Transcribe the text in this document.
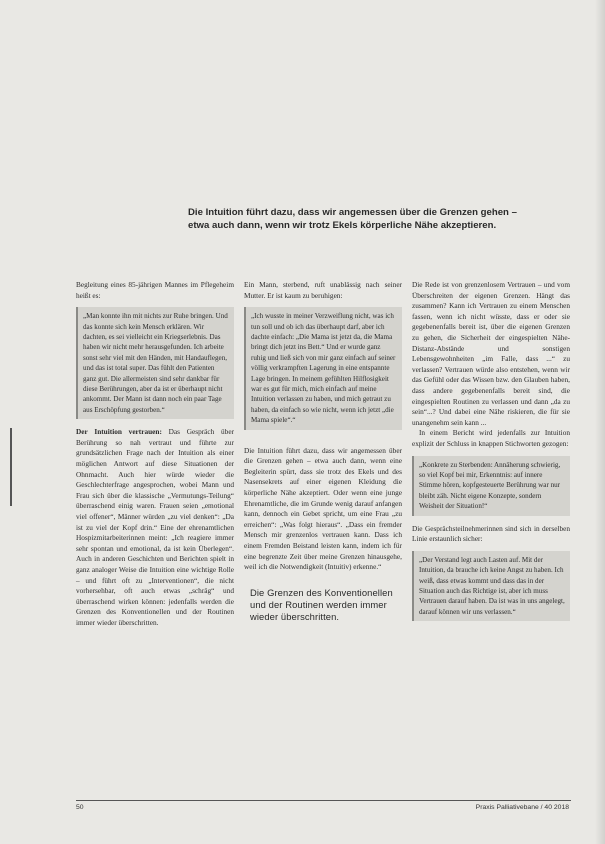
Die Intuition führt dazu, dass wir angemessen über die Grenzen gehen – etwa auch dann, wenn wir trotz Ekels körperliche Nähe akzeptieren.

Begleitung eines 85-jährigen Mannes im Pflegeheim heißt es:

„Man konnte ihn mit nichts zur Ruhe bringen. Und das konnte sich kein Mensch erklären. Wir dachten, es sei vielleicht ein Kriegserlebnis. Das haben wir nicht mehr herausgefunden. Ich arbeite sonst sehr viel mit den Händen, mit Handauflegen, und das ist total super. Das fühlt den Patienten ganz gut. Die allermeisten sind sehr dankbar für diese Berührungen, aber da ist er überhaupt nicht ankommt. Der Mann ist dann noch ein paar Tage aus Erschöpfung gestorben.“

Der Intuition vertrauen: Das Gespräch über Berührung so nah vertraut und führte zur grundsätzlichen Frage nach der Intuition als einer möglichen Antwort auf diese Situationen der Ohnmacht. Auch hier würde wieder die Geschlechterfrage angesprochen, wobei Mann und Frau sich über die klassische „Vermutungs-Teilung“ überraschend einig waren. Frauen seien „emotional viel offener“, Männer würden „zu viel denken“: „Da ist zu viel der Kopf drin.“ Eine der ehrenamtlichen Hospizmitarbeiterinnen meint: „Ich reagiere immer sehr spontan und emotional, da ist kein Überlegen“. Auch in anderen Geschichten und Berichten spielt in ganz analoger Weise die Intuition eine wichtige Rolle – und führt oft zu „Interventionen“, die nicht vorhersehbar, oft auch etwas „schräg“ und überraschend wirken können: jedenfalls werden die Grenzen des Konventionellen und der Routinen immer wieder überschritten.

Ein Mann, sterbend, ruft unablässig nach seiner Mutter. Er ist kaum zu beruhigen:

„Ich wusste in meiner Verzweiflung nicht, was ich tun soll und ob ich das überhaupt darf, aber ich dachte einfach: „Die Mama ist jetzt da, die Mama bringt dich jetzt ins Bett.“ Und er wurde ganz ruhig und ließ sich von mir ganz einfach auf seiner völlig verkrampften Lagerung in eine entspannte Lage bringen. In meinem gefühlten Hilflosigkeit war es gut für mich, mich einfach auf meine Intuition verlassen zu haben, und mich getraut zu haben, da einfach so wie nicht, wenn ich jetzt „die Mama spiele“.“

Die Intuition führt dazu, dass wir angemessen über die Grenzen gehen – etwa auch dann, wenn eine Begleiterin spürt, dass sie trotz des Ekels und des Nasensekrets auf einer eigenen Kleidung die körperliche Nähe akzeptiert. Oder wenn eine junge Ehrenamtliche, die im Grunde wenig darauf anfangen kann, dennoch ein Gebet spricht, um eine Frau „zu erreichen“: „Was folgt hieraus“. „Dass ein fremder Mensch mir grenzenlos vertrauen kann. Dass ich einem Fremden Beistand leisten kann, indem ich für eine begrenzte Zeit über meine Grenzen hinausgehe, weil ich die Notwendigkeit (Intuitiv) erkenne.“

Die Grenzen des Konventionellen und der Routinen werden immer wieder überschritten.

Die Rede ist von grenzenlosem Vertrauen – und vom Überschreiten der eigenen Grenzen. Hängt das zusammen? Kann ich Vertrauen zu einem Menschen fassen, wenn ich nicht wüsste, dass er oder sie gegebenenfalls bereit ist, über die eigenen Grenzen zu gehen, die Sicherheit der eingespielten Nähe-Distanz-Abstände und sonstigen Lebensgewohnheiten „im Falle, dass ...“ zu verlassen? Vertrauen würde also entstehen, wenn wir das Gefühl oder das Wissen bzw. den Glauben haben, dass andere gegebenenfalls bereit sind, die eingespielten Routinen zu verlassen und dann „da zu sein“...? Und dabei eine Nähe riskieren, die für sie unangenehm sein kann ...

In einem Bericht wird jedenfalls zur Intuition explizit der Schluss in knappen Stichworten gezogen:

„Konkrete zu Sterbenden: Annäherung schwierig, so viel Kopf bei mir, Erkenntnis: auf innere Stimme hören, kopfgesteuerte Berührung war nur bleibt zäh. Nicht eigene Konzepte, sondern Weisheit der Situation!“

Die Gesprächsteilnehmerinnen sind sich in derselben Linie erstaunlich sicher:

„Der Verstand legt auch Lasten auf. Mit der Intuition, da brauche ich keine Angst zu haben. Ich weiß, dass etwas kommt und dass das in der Situation auch das Richtige ist, aber ich muss Vertrauen darauf haben. Da ist was in uns angelegt, darauf können wir uns verlassen.“

50	Praxis Palliativebane / 40 2018
